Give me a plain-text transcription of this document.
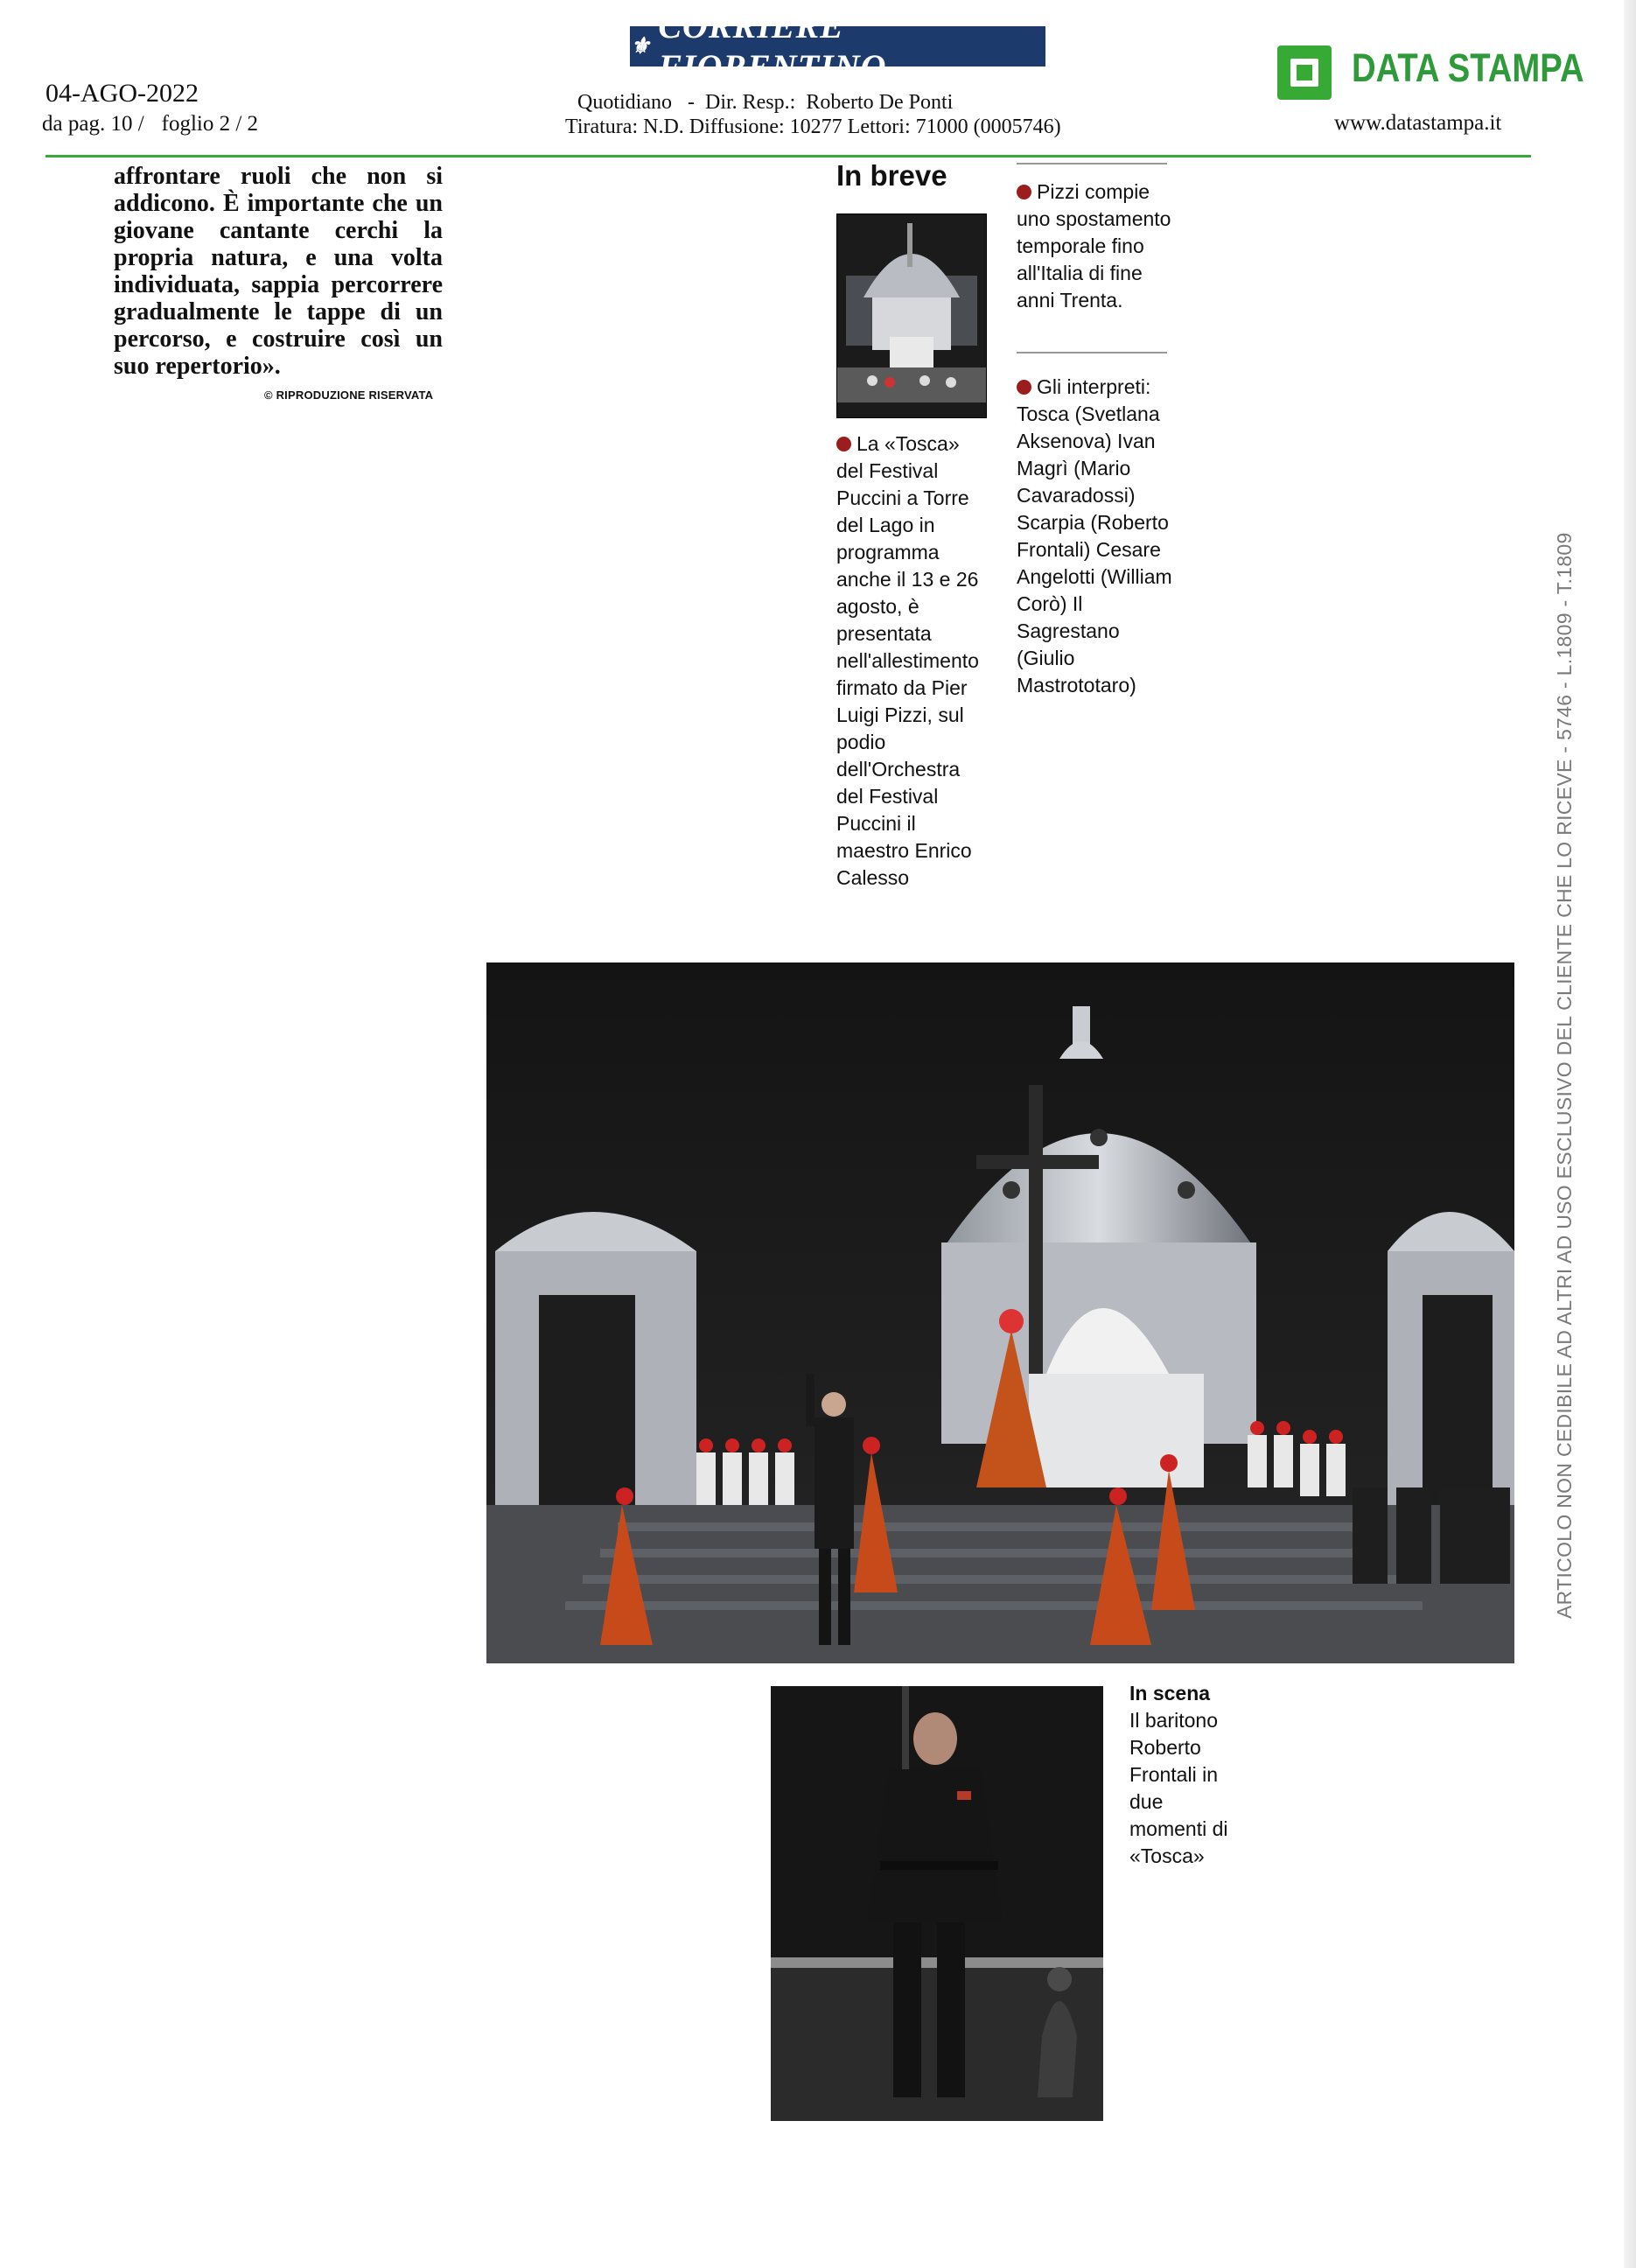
⚜
CORRIERE FIORENTINO
04-AGO-2022
da pag. 10 / foglio 2 / 2
Quotidiano   -  Dir. Resp.:  Roberto De Ponti
Tiratura: N.D. Diffusione: 10277 Lettori: 71000 (0005746)
DATA STAMPA
www.datastampa.it

affrontare ruoli che non si addicono. È importante che un giovane cantante cerchi la propria natura, e una volta individuata, sappia percorrere gradualmente le tappe di un percorso, e costruire così un suo repertorio».

© RIPRODUZIONE RISERVATA
In breve	Pizzi compie uno spostamento temporale fino all'Italia di fine anni Trenta.

Gli interpreti: Tosca (Svetlana Aksenova) Ivan Magrì (Mario Cavaradossi) Scarpia (Roberto Frontali) Cesare Angelotti (William Corò) Il Sagrestano (Giulio Mastrototaro)

La «Tosca» del Festival Puccini a Torre del Lago in programma anche il 13 e 26 agosto, è presentata nell'allestimento firmato da Pier Luigi Pizzi, sul podio dell'Orchestra del Festival Puccini il maestro Enrico Calesso

In scena

Il baritono Roberto Frontali in due momenti di «Tosca»

ARTICOLO NON CEDIBILE AD ALTRI AD USO ESCLUSIVO DEL CLIENTE CHE LO RICEVE - 5746 - L.1809 - T.1809
